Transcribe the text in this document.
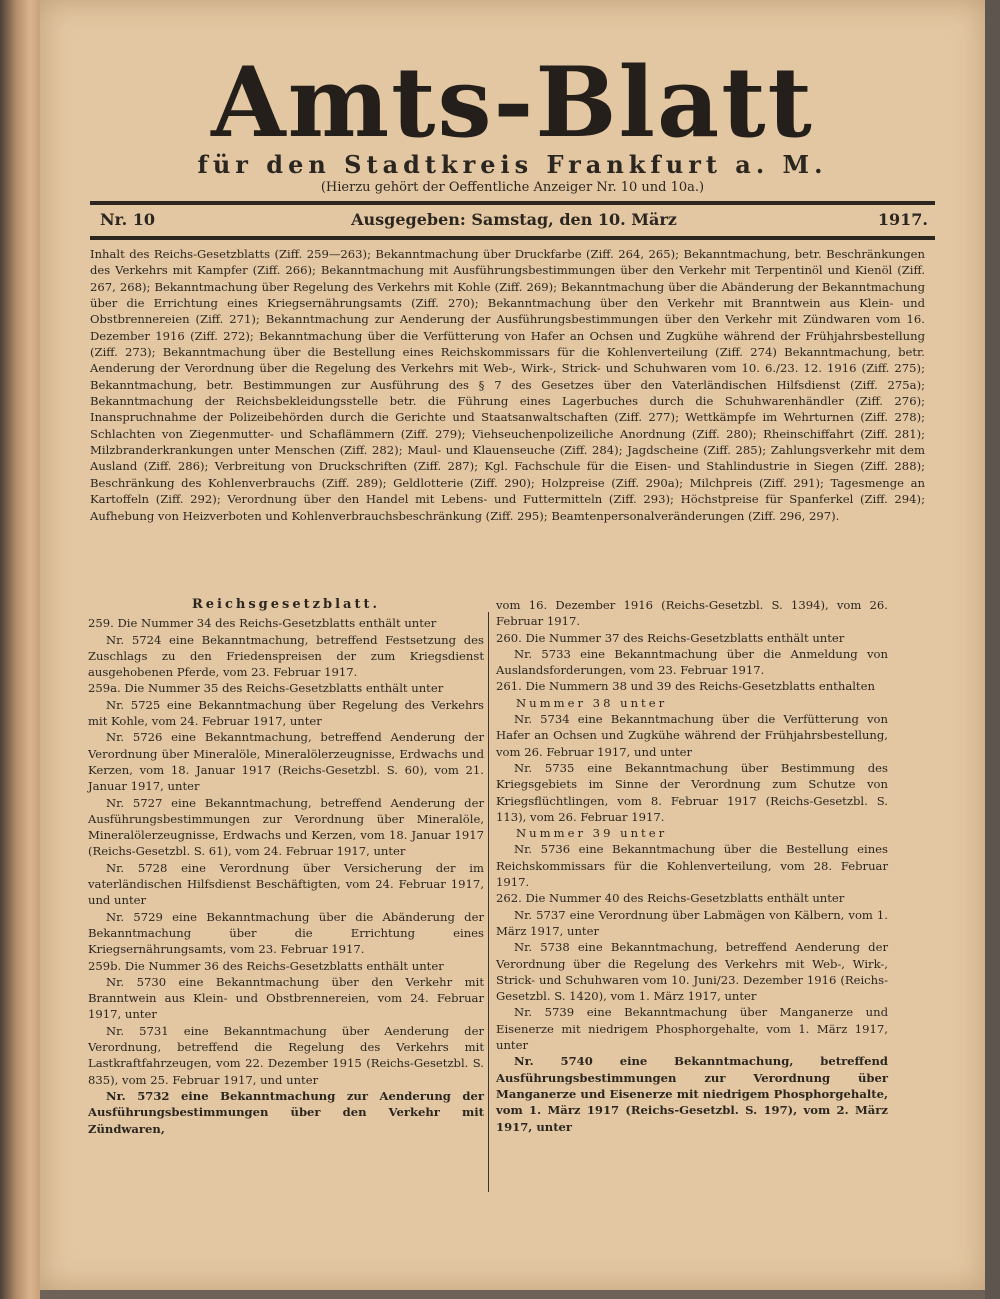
Amts-Blatt
für den Stadtkreis Frankfurt a. M.
(Hierzu gehört der Oeffentliche Anzeiger Nr. 10 und 10a.)
Nr. 10	Ausgegeben: Samstag, den 10. März	1917.
Inhalt des Reichs-Gesetzblatts (Ziff. 259—263); Bekanntmachung über Druckfarbe (Ziff. 264, 265); Bekanntmachung, betr. Beschränkungen des Verkehrs mit Kampfer (Ziff. 266); Bekanntmachung mit Ausführungsbestimmungen über den Verkehr mit Terpentinöl und Kienöl (Ziff. 267, 268); Bekanntmachung über Regelung des Verkehrs mit Kohle (Ziff. 269); Bekanntmachung über die Abänderung der Bekanntmachung über die Errichtung eines Kriegsernährungsamts (Ziff. 270); Bekanntmachung über den Verkehr mit Branntwein aus Klein- und Obstbrennereien (Ziff. 271); Bekanntmachung zur Aenderung der Ausführungsbestimmungen über den Verkehr mit Zündwaren vom 16. Dezember 1916 (Ziff. 272); Bekanntmachung über die Verfütterung von Hafer an Ochsen und Zugkühe während der Frühjahrsbestellung (Ziff. 273); Bekanntmachung über die Bestellung eines Reichskommissars für die Kohlenverteilung (Ziff. 274) Bekanntmachung, betr. Aenderung der Verordnung über die Regelung des Verkehrs mit Web-, Wirk-, Strick- und Schuhwaren vom 10. 6./23. 12. 1916 (Ziff. 275); Bekanntmachung, betr. Bestimmungen zur Ausführung des § 7 des Gesetzes über den Vaterländischen Hilfsdienst (Ziff. 275a); Bekanntmachung der Reichsbekleidungsstelle betr. die Führung eines Lagerbuches durch die Schuhwarenhändler (Ziff. 276); Inanspruchnahme der Polizeibehörden durch die Gerichte und Staatsanwaltschaften (Ziff. 277); Wettkämpfe im Wehrturnen (Ziff. 278); Schlachten von Ziegenmutter- und Schaflämmern (Ziff. 279); Viehseuchenpolizeiliche Anordnung (Ziff. 280); Rheinschiffahrt (Ziff. 281); Milzbranderkrankungen unter Menschen (Ziff. 282); Maul- und Klauenseuche (Ziff. 284); Jagdscheine (Ziff. 285); Zahlungsverkehr mit dem Ausland (Ziff. 286); Verbreitung von Druckschriften (Ziff. 287); Kgl. Fachschule für die Eisen- und Stahlindustrie in Siegen (Ziff. 288); Beschränkung des Kohlenverbrauchs (Ziff. 289); Geldlotterie (Ziff. 290); Holzpreise (Ziff. 290a); Milchpreis (Ziff. 291); Tagesmenge an Kartoffeln (Ziff. 292); Verordnung über den Handel mit Lebens- und Futtermitteln (Ziff. 293); Höchstpreise für Spanferkel (Ziff. 294); Aufhebung von Heizverboten und Kohlenverbrauchsbeschränkung (Ziff. 295); Beamtenpersonalveränderungen (Ziff. 296, 297).
Reichsgesetzblatt.

259. Die Nummer 34 des Reichs-Gesetzblatts enthält unter

Nr. 5724 eine Bekanntmachung, betreffend Festsetzung des Zuschlags zu den Friedenspreisen der zum Kriegsdienst ausgehobenen Pferde, vom 23. Februar 1917.

259a. Die Nummer 35 des Reichs-Gesetzblatts enthält unter

Nr. 5725 eine Bekanntmachung über Regelung des Verkehrs mit Kohle, vom 24. Februar 1917, unter

Nr. 5726 eine Bekanntmachung, betreffend Aenderung der Verordnung über Mineralöle, Mineralölerzeugnisse, Erdwachs und Kerzen, vom 18. Januar 1917 (Reichs-Gesetzbl. S. 60), vom 21. Januar 1917, unter

Nr. 5727 eine Bekanntmachung, betreffend Aenderung der Ausführungsbestimmungen zur Verordnung über Mineralöle, Mineralölerzeugnisse, Erdwachs und Kerzen, vom 18. Januar 1917 (Reichs-Gesetzbl. S. 61), vom 24. Februar 1917, unter

Nr. 5728 eine Verordnung über Versicherung der im vaterländischen Hilfsdienst Beschäftigten, vom 24. Februar 1917, und unter

Nr. 5729 eine Bekanntmachung über die Abänderung der Bekanntmachung über die Errichtung eines Kriegsernährungsamts, vom 23. Februar 1917.

259b. Die Nummer 36 des Reichs-Gesetzblatts enthält unter

Nr. 5730 eine Bekanntmachung über den Verkehr mit Branntwein aus Klein- und Obstbrennereien, vom 24. Februar 1917, unter

Nr. 5731 eine Bekanntmachung über Aenderung der Verordnung, betreffend die Regelung des Verkehrs mit Lastkraftfahrzeugen, vom 22. Dezember 1915 (Reichs-Gesetzbl. S. 835), vom 25. Februar 1917, und unter

Nr. 5732 eine Bekanntmachung zur Aenderung der Ausführungsbestimmungen über den Verkehr mit Zündwaren,

vom 16. Dezember 1916 (Reichs-Gesetzbl. S. 1394), vom 26. Februar 1917.

260. Die Nummer 37 des Reichs-Gesetzblatts enthält unter

Nr. 5733 eine Bekanntmachung über die Anmeldung von Auslandsforderungen, vom 23. Februar 1917.

261. Die Nummern 38 und 39 des Reichs-Gesetzblatts enthalten

Nummer 38 unter

Nr. 5734 eine Bekanntmachung über die Verfütterung von Hafer an Ochsen und Zugkühe während der Frühjahrsbestellung, vom 26. Februar 1917, und unter

Nr. 5735 eine Bekanntmachung über Bestimmung des Kriegsgebiets im Sinne der Verordnung zum Schutze von Kriegsflüchtlingen, vom 8. Februar 1917 (Reichs-Gesetzbl. S. 113), vom 26. Februar 1917.

Nummer 39 unter

Nr. 5736 eine Bekanntmachung über die Bestellung eines Reichskommissars für die Kohlenverteilung, vom 28. Februar 1917.

262. Die Nummer 40 des Reichs-Gesetzblatts enthält unter

Nr. 5737 eine Verordnung über Labmägen von Kälbern, vom 1. März 1917, unter

Nr. 5738 eine Bekanntmachung, betreffend Aenderung der Verordnung über die Regelung des Verkehrs mit Web-, Wirk-, Strick- und Schuhwaren vom 10. Juni/23. Dezember 1916 (Reichs-Gesetzbl. S. 1420), vom 1. März 1917, unter

Nr. 5739 eine Bekanntmachung über Manganerze und Eisenerze mit niedrigem Phosphorgehalte, vom 1. März 1917, unter

Nr. 5740 eine Bekanntmachung, betreffend Ausführungsbestimmungen zur Verordnung über Manganerze und Eisenerze mit niedrigem Phosphorgehalte, vom 1. März 1917 (Reichs-Gesetzbl. S. 197), vom 2. März 1917, unter
